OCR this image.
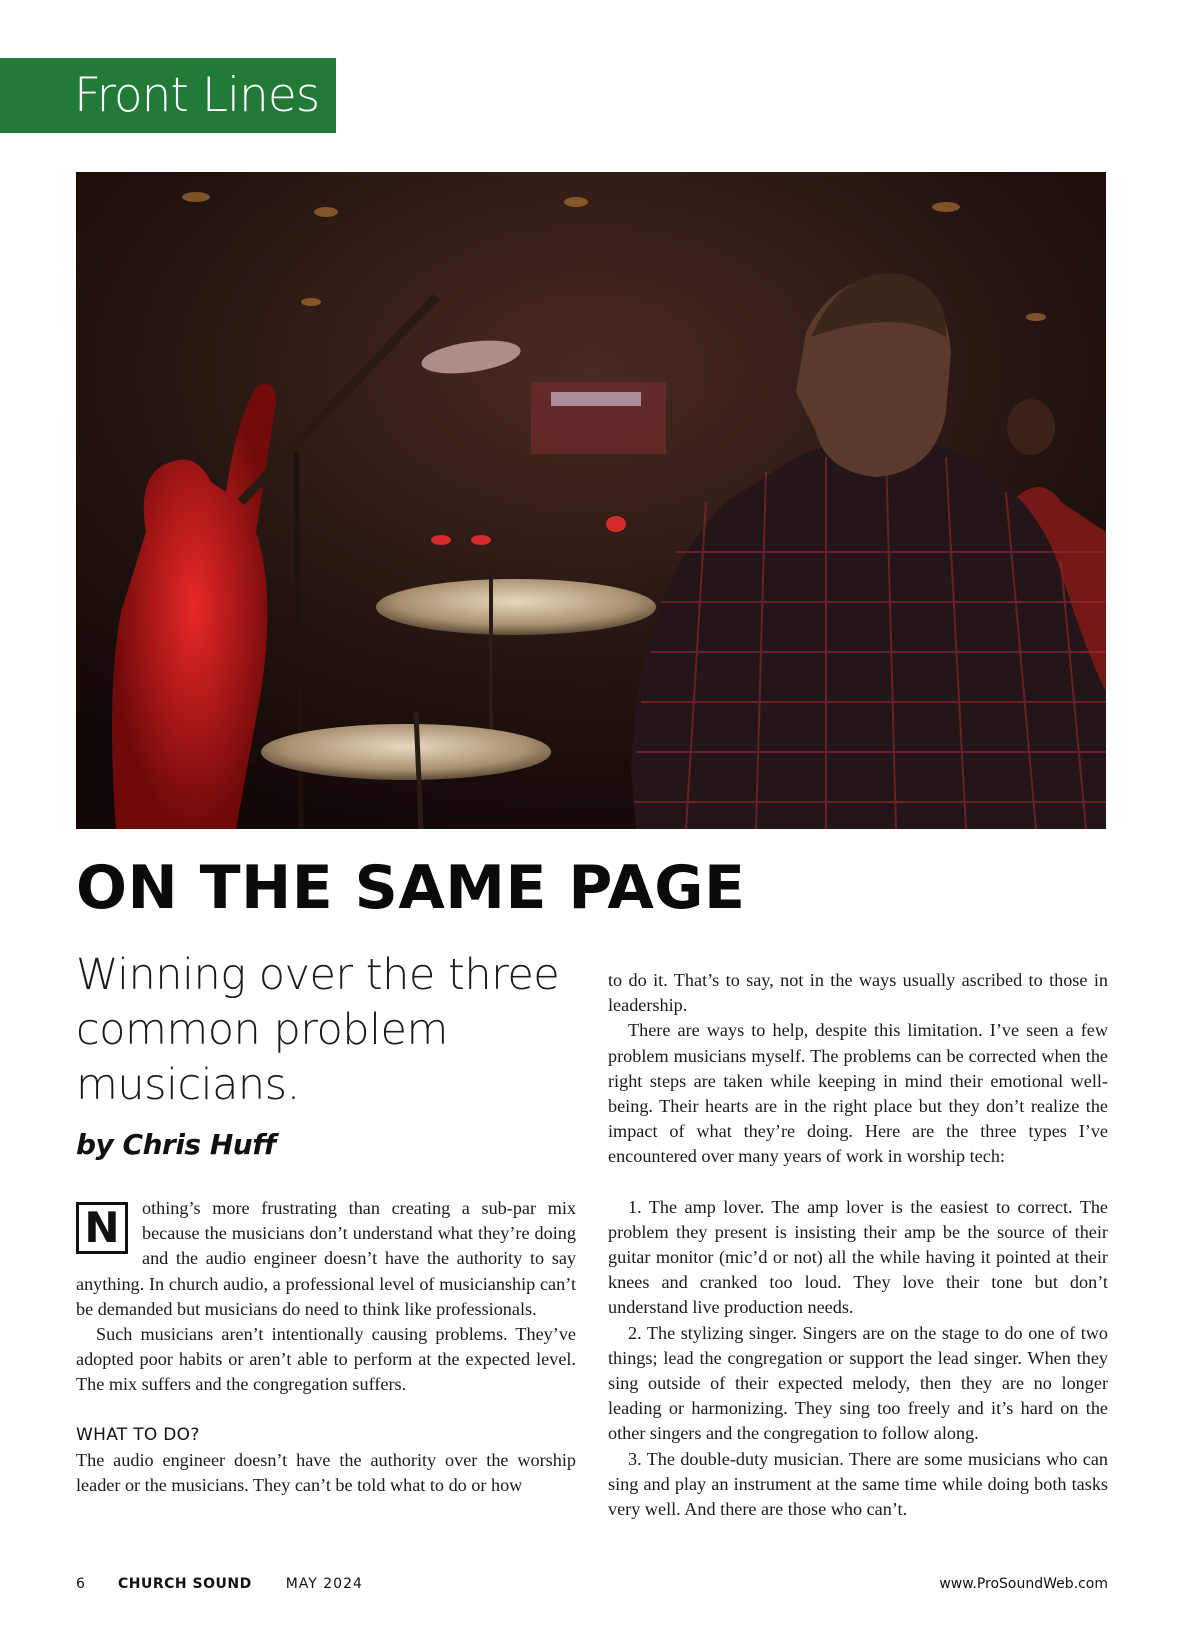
Front Lines
ON THE SAME PAGE
Winning over the three common problem musicians.
by Chris Huff

N	othing’s more frustrating than creating a sub-par mix because the musicians don’t understand what they’re doing and the audio engineer doesn’t have the authority to say anything. In church audio, a professional level of musicianship can’t be demanded but musicians do need to think like professionals.

Such musicians aren’t intentionally causing problems. They’ve adopted poor habits or aren’t able to perform at the expected level. The mix suffers and the congregation suffers.

WHAT TO DO?

The audio engineer doesn’t have the authority over the worship leader or the musicians. They can’t be told what to do or how

to do it. That’s to say, not in the ways usually ascribed to those in leadership.

There are ways to help, despite this limitation. I’ve seen a few problem musicians myself. The problems can be corrected when the right steps are taken while keeping in mind their emotional well-being. Their hearts are in the right place but they don’t realize the impact of what they’re doing. Here are the three types I’ve encountered over many years of work in worship tech:

1. The amp lover. The amp lover is the easiest to correct. The problem they present is insisting their amp be the source of their guitar monitor (mic’d or not) all the while having it pointed at their knees and cranked too loud. They love their tone but don’t understand live production needs.

2. The stylizing singer. Singers are on the stage to do one of two things; lead the congregation or support the lead singer. When they sing outside of their expected melody, then they are no longer leading or harmonizing. They sing too freely and it’s hard on the other singers and the congregation to follow along.

3. The double-duty musician. There are some musicians who can sing and play an instrument at the same time while doing both tasks very well. And there are those who can’t.

6	CHURCH SOUND MAY 2024	www.ProSoundWeb.com
